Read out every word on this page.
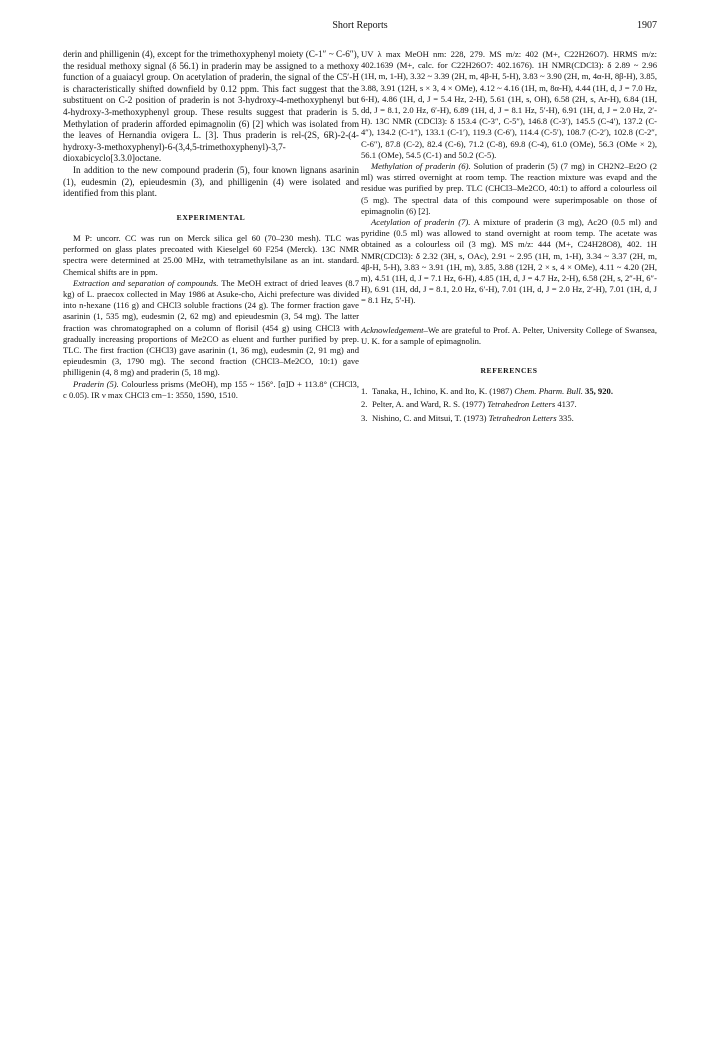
Short Reports	1907

derin and philligenin (4), except for the trimethoxyphenyl moiety (C-1″ ~ C-6″), the residual methoxy signal (δ 56.1) in praderin may be assigned to a methoxy function of a guaiacyl group. On acetylation of praderin, the signal of the C5′-H is characteristically shifted downfield by 0.12 ppm. This fact suggest that the substituent on C-2 position of praderin is not 3-hydroxy-4-methoxyphenyl but 4-hydroxy-3-methoxyphenyl group. These results suggest that praderin is 5. Methylation of praderin afforded epimagnolin (6) [2] which was isolated from the leaves of Hernandia ovigera L. [3]. Thus praderin is rel-(2S, 6R)-2-(4-hydroxy-3-methoxyphenyl)-6-(3,4,5-trimethoxyphenyl)-3,7-dioxabicyclo[3.3.0]octane.

In addition to the new compound praderin (5), four known lignans asarinin (1), eudesmin (2), epieudesmin (3), and philligenin (4) were isolated and identified from this plant.

EXPERIMENTAL

M P: uncorr. CC was run on Merck silica gel 60 (70–230 mesh). TLC was performed on glass plates precoated with Kieselgel 60 F254 (Merck). 13C NMR spectra were determined at 25.00 MHz, with tetramethylsilane as an int. standard. Chemical shifts are in ppm.

Extraction and separation of compounds. The MeOH extract of dried leaves (8.7 kg) of L. praecox collected in May 1986 at Asuke-cho, Aichi prefecture was divided into n-hexane (116 g) and CHCl3 soluble fractions (24 g). The former fraction gave asarinin (1, 535 mg), eudesmin (2, 62 mg) and epieudesmin (3, 54 mg). The latter fraction was chromatographed on a column of florisil (454 g) using CHCl3 with gradually increasing proportions of Me2CO as eluent and further purified by prep. TLC. The first fraction (CHCl3) gave asarinin (1, 36 mg), eudesmin (2, 91 mg) and epieudesmin (3, 1790 mg). The second fraction (CHCl3–Me2CO, 10:1) gave philligenin (4, 8 mg) and praderin (5, 18 mg).

Praderin (5). Colourless prisms (MeOH), mp 155 ~ 156°. [α]D + 113.8° (CHCl3, c 0.05). IR ν max CHCl3 cm−1: 3550, 1590, 1510.

UV λ max MeOH nm: 228, 279. MS m/z: 402 (M+, C22H26O7). HRMS m/z: 402.1639 (M+, calc. for C22H26O7: 402.1676). 1H NMR(CDCl3): δ 2.89 ~ 2.96 (1H, m, 1-H), 3.32 ~ 3.39 (2H, m, 4β-H, 5-H), 3.83 ~ 3.90 (2H, m, 4α-H, 8β-H), 3.85, 3.88, 3.91 (12H, s × 3, 4 × OMe), 4.12 ~ 4.16 (1H, m, 8α-H), 4.44 (1H, d, J = 7.0 Hz, 6-H), 4.86 (1H, d, J = 5.4 Hz, 2-H), 5.61 (1H, s, OH), 6.58 (2H, s, Ar-H), 6.84 (1H, dd, J = 8.1, 2.0 Hz, 6′-H), 6.89 (1H, d, J = 8.1 Hz, 5′-H), 6.91 (1H, d, J = 2.0 Hz, 2′-H). 13C NMR (CDCl3): δ 153.4 (C-3″, C-5″), 146.8 (C-3′), 145.5 (C-4′), 137.2 (C-4″), 134.2 (C-1″), 133.1 (C-1′), 119.3 (C-6′), 114.4 (C-5′), 108.7 (C-2′), 102.8 (C-2″, C-6″), 87.8 (C-2), 82.4 (C-6), 71.2 (C-8), 69.8 (C-4), 61.0 (OMe), 56.3 (OMe × 2), 56.1 (OMe), 54.5 (C-1) and 50.2 (C-5).

Methylation of praderin (6). Solution of praderin (5) (7 mg) in CH2N2–Et2O (2 ml) was stirred overnight at room temp. The reaction mixture was evapd and the residue was purified by prep. TLC (CHCl3–Me2CO, 40:1) to afford a colourless oil (5 mg). The spectral data of this compound were superimposable on those of epimagnolin (6) [2].

Acetylation of praderin (7). A mixture of praderin (3 mg), Ac2O (0.5 ml) and pyridine (0.5 ml) was allowed to stand overnight at room temp. The acetate was obtained as a colourless oil (3 mg). MS m/z: 444 (M+, C24H28O8), 402. 1H NMR(CDCl3): δ 2.32 (3H, s, OAc), 2.91 ~ 2.95 (1H, m, 1-H), 3.34 ~ 3.37 (2H, m, 4β-H, 5-H), 3.83 ~ 3.91 (1H, m), 3.85, 3.88 (12H, 2 × s, 4 × OMe), 4.11 ~ 4.20 (2H, m), 4.51 (1H, d, J = 7.1 Hz, 6-H), 4.85 (1H, d, J = 4.7 Hz, 2-H), 6.58 (2H, s, 2″-H, 6″-H), 6.91 (1H, dd, J = 8.1, 2.0 Hz, 6′-H), 7.01 (1H, d, J = 2.0 Hz, 2′-H), 7.01 (1H, d, J = 8.1 Hz, 5′-H).

Acknowledgement–We are grateful to Prof. A. Pelter, University College of Swansea, U. K. for a sample of epimagnolin.

REFERENCES
1. Tanaka, H., Ichino, K. and Ito, K. (1987) Chem. Pharm. Bull. 35, 920.
2. Pelter, A. and Ward, R. S. (1977) Tetrahedron Letters 4137.
3. Nishino, C. and Mitsui, T. (1973) Tetrahedron Letters 335.
